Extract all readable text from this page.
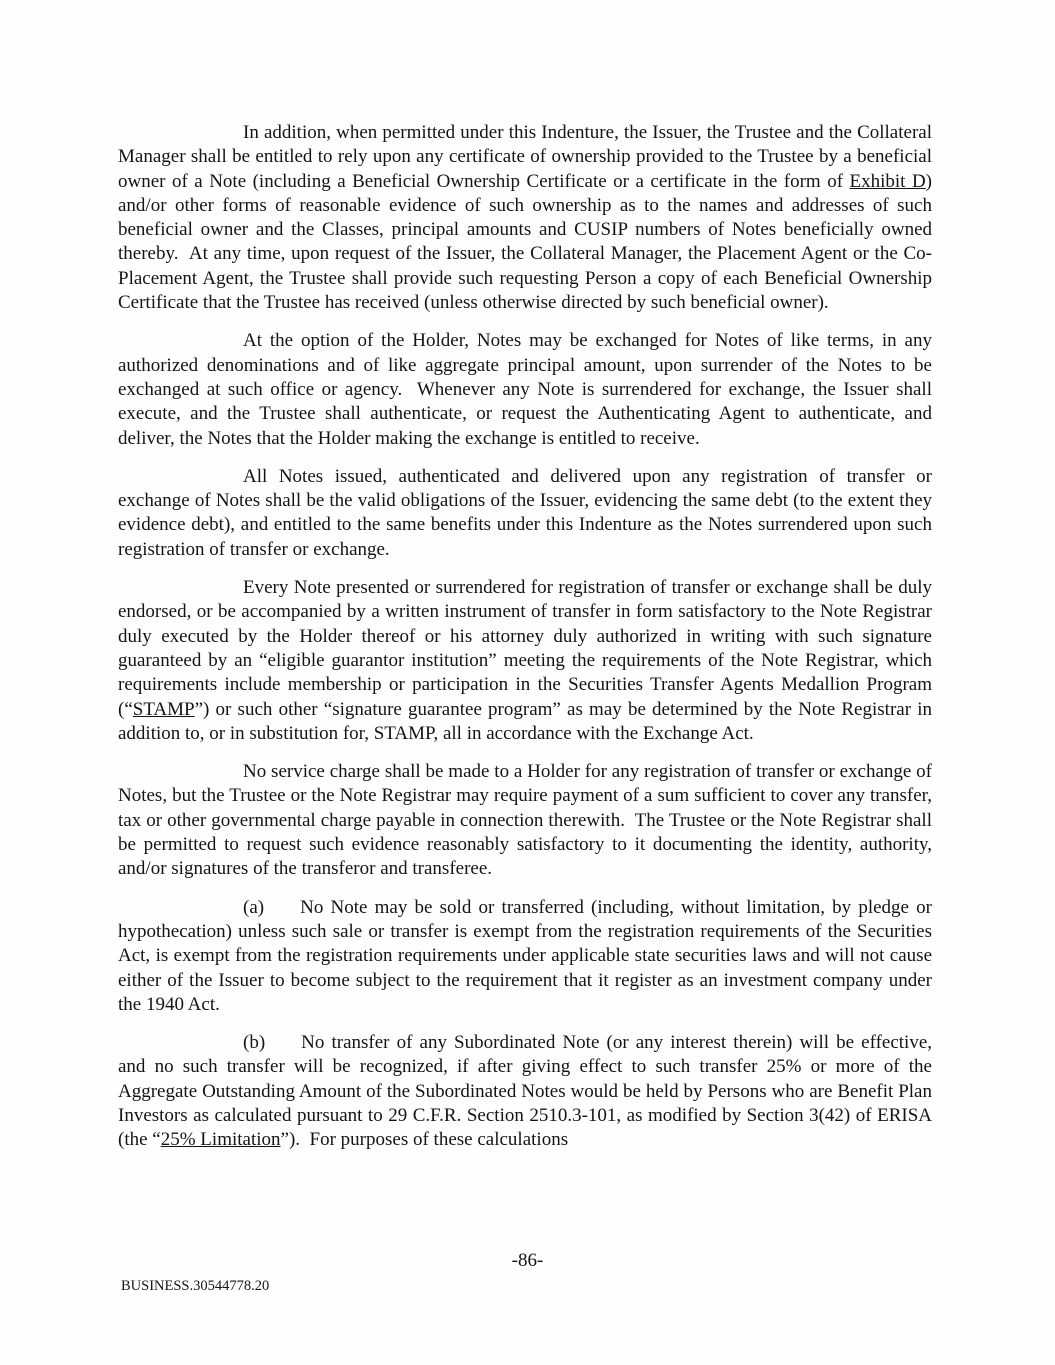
In addition, when permitted under this Indenture, the Issuer, the Trustee and the Collateral Manager shall be entitled to rely upon any certificate of ownership provided to the Trustee by a beneficial owner of a Note (including a Beneficial Ownership Certificate or a certificate in the form of Exhibit D) and/or other forms of reasonable evidence of such ownership as to the names and addresses of such beneficial owner and the Classes, principal amounts and CUSIP numbers of Notes beneficially owned thereby.  At any time, upon request of the Issuer, the Collateral Manager, the Placement Agent or the Co-Placement Agent, the Trustee shall provide such requesting Person a copy of each Beneficial Ownership Certificate that the Trustee has received (unless otherwise directed by such beneficial owner).

At the option of the Holder, Notes may be exchanged for Notes of like terms, in any authorized denominations and of like aggregate principal amount, upon surrender of the Notes to be exchanged at such office or agency.  Whenever any Note is surrendered for exchange, the Issuer shall execute, and the Trustee shall authenticate, or request the Authenticating Agent to authenticate, and deliver, the Notes that the Holder making the exchange is entitled to receive.

All Notes issued, authenticated and delivered upon any registration of transfer or exchange of Notes shall be the valid obligations of the Issuer, evidencing the same debt (to the extent they evidence debt), and entitled to the same benefits under this Indenture as the Notes surrendered upon such registration of transfer or exchange.

Every Note presented or surrendered for registration of transfer or exchange shall be duly endorsed, or be accompanied by a written instrument of transfer in form satisfactory to the Note Registrar duly executed by the Holder thereof or his attorney duly authorized in writing with such signature guaranteed by an “eligible guarantor institution” meeting the requirements of the Note Registrar, which requirements include membership or participation in the Securities Transfer Agents Medallion Program (“STAMP”) or such other “signature guarantee program” as may be determined by the Note Registrar in addition to, or in substitution for, STAMP, all in accordance with the Exchange Act.

No service charge shall be made to a Holder for any registration of transfer or exchange of Notes, but the Trustee or the Note Registrar may require payment of a sum sufficient to cover any transfer, tax or other governmental charge payable in connection therewith.  The Trustee or the Note Registrar shall be permitted to request such evidence reasonably satisfactory to it documenting the identity, authority, and/or signatures of the transferor and transferee.

(a) No Note may be sold or transferred (including, without limitation, by pledge or hypothecation) unless such sale or transfer is exempt from the registration requirements of the Securities Act, is exempt from the registration requirements under applicable state securities laws and will not cause either of the Issuer to become subject to the requirement that it register as an investment company under the 1940 Act.

(b) No transfer of any Subordinated Note (or any interest therein) will be effective, and no such transfer will be recognized, if after giving effect to such transfer 25% or more of the Aggregate Outstanding Amount of the Subordinated Notes would be held by Persons who are Benefit Plan Investors as calculated pursuant to 29 C.F.R. Section 2510.3-101, as modified by Section 3(42) of ERISA (the “25% Limitation”).  For purposes of these calculations

-86-
BUSINESS.30544778.20
